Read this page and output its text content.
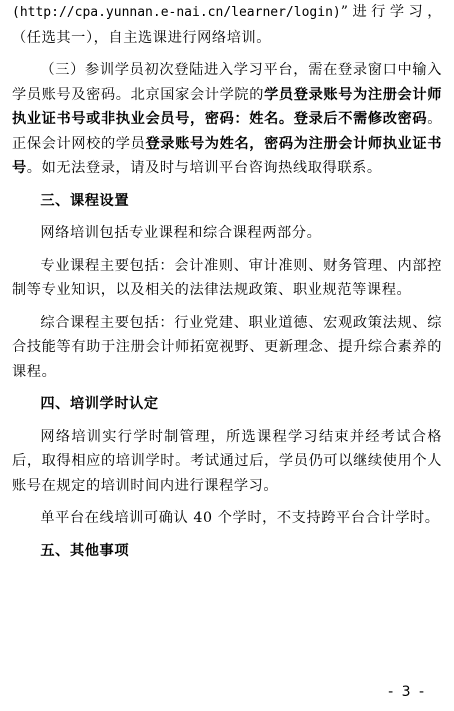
(http://cpa.yunnan.e-nai.cn/learner/login)”进行学习，（任选其一），自主选课进行网络培训。

（三）参训学员初次登陆进入学习平台，需在登录窗口中输入学员账号及密码。北京国家会计学院的学员登录账号为注册会计师执业证书号或非执业会员号，密码：姓名。登录后不需修改密码。正保会计网校的学员登录账号为姓名，密码为注册会计师执业证书号。如无法登录，请及时与培训平台咨询热线取得联系。

三、课程设置

网络培训包括专业课程和综合课程两部分。

专业课程主要包括：会计准则、审计准则、财务管理、内部控制等专业知识，以及相关的法律法规政策、职业规范等课程。

综合课程主要包括：行业党建、职业道德、宏观政策法规、综合技能等有助于注册会计师拓宽视野、更新理念、提升综合素养的课程。

四、培训学时认定

网络培训实行学时制管理，所选课程学习结束并经考试合格后，取得相应的培训学时。考试通过后，学员仍可以继续使用个人账号在规定的培训时间内进行课程学习。

单平台在线培训可确认 40 个学时，不支持跨平台合计学时。

五、其他事项

- 3 -
